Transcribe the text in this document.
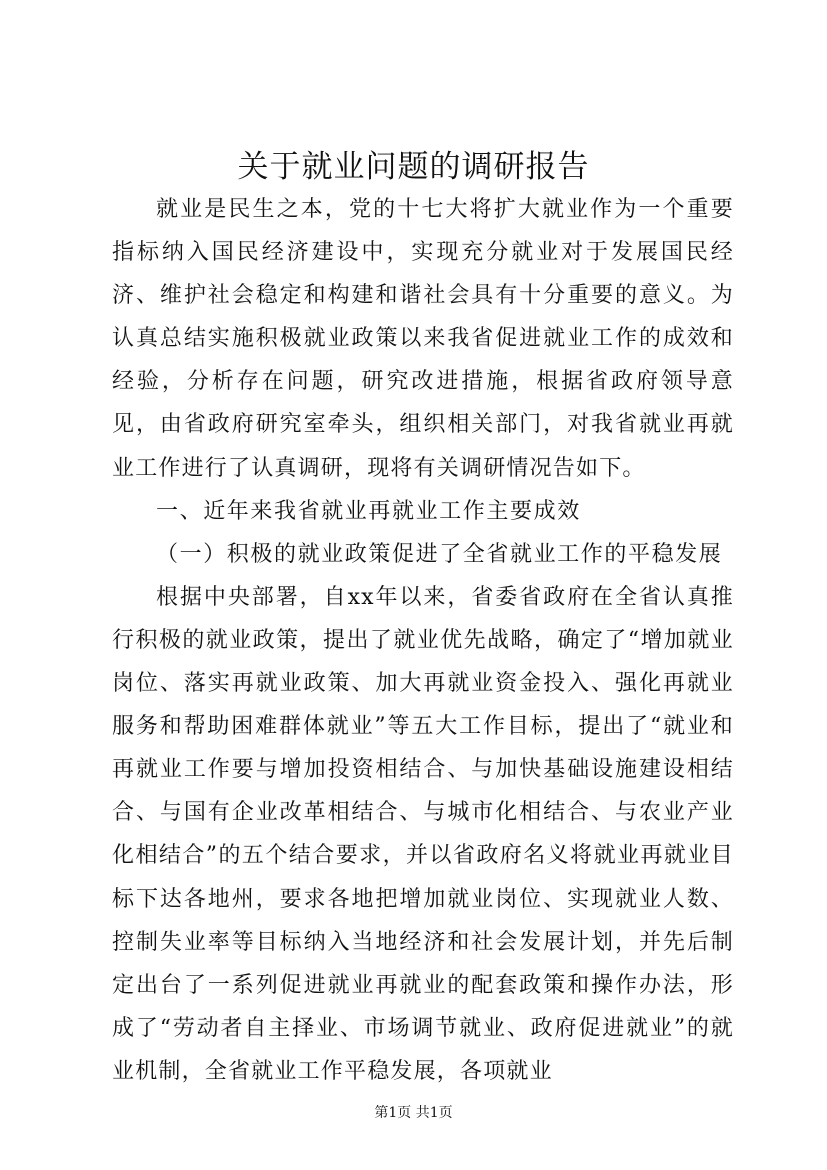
关于就业问题的调研报告

就业是民生之本，党的十七大将扩大就业作为一个重要指标纳入国民经济建设中，实现充分就业对于发展国民经济、维护社会稳定和构建和谐社会具有十分重要的意义。为认真总结实施积极就业政策以来我省促进就业工作的成效和经验，分析存在问题，研究改进措施，根据省政府领导意见，由省政府研究室牵头，组织相关部门，对我省就业再就业工作进行了认真调研，现将有关调研情况告如下。

一、近年来我省就业再就业工作主要成效

（一）积极的就业政策促进了全省就业工作的平稳发展

根据中央部署，自xx年以来，省委省政府在全省认真推行积极的就业政策，提出了就业优先战略，确定了“增加就业岗位、落实再就业政策、加大再就业资金投入、强化再就业服务和帮助困难群体就业”等五大工作目标，提出了“就业和再就业工作要与增加投资相结合、与加快基础设施建设相结合、与国有企业改革相结合、与城市化相结合、与农业产业化相结合”的五个结合要求，并以省政府名义将就业再就业目标下达各地州，要求各地把增加就业岗位、实现就业人数、控制失业率等目标纳入当地经济和社会发展计划，并先后制定出台了一系列促进就业再就业的配套政策和操作办法，形成了“劳动者自主择业、市场调节就业、政府促进就业”的就业机制，全省就业工作平稳发展，各项就业

第1页 共1页
